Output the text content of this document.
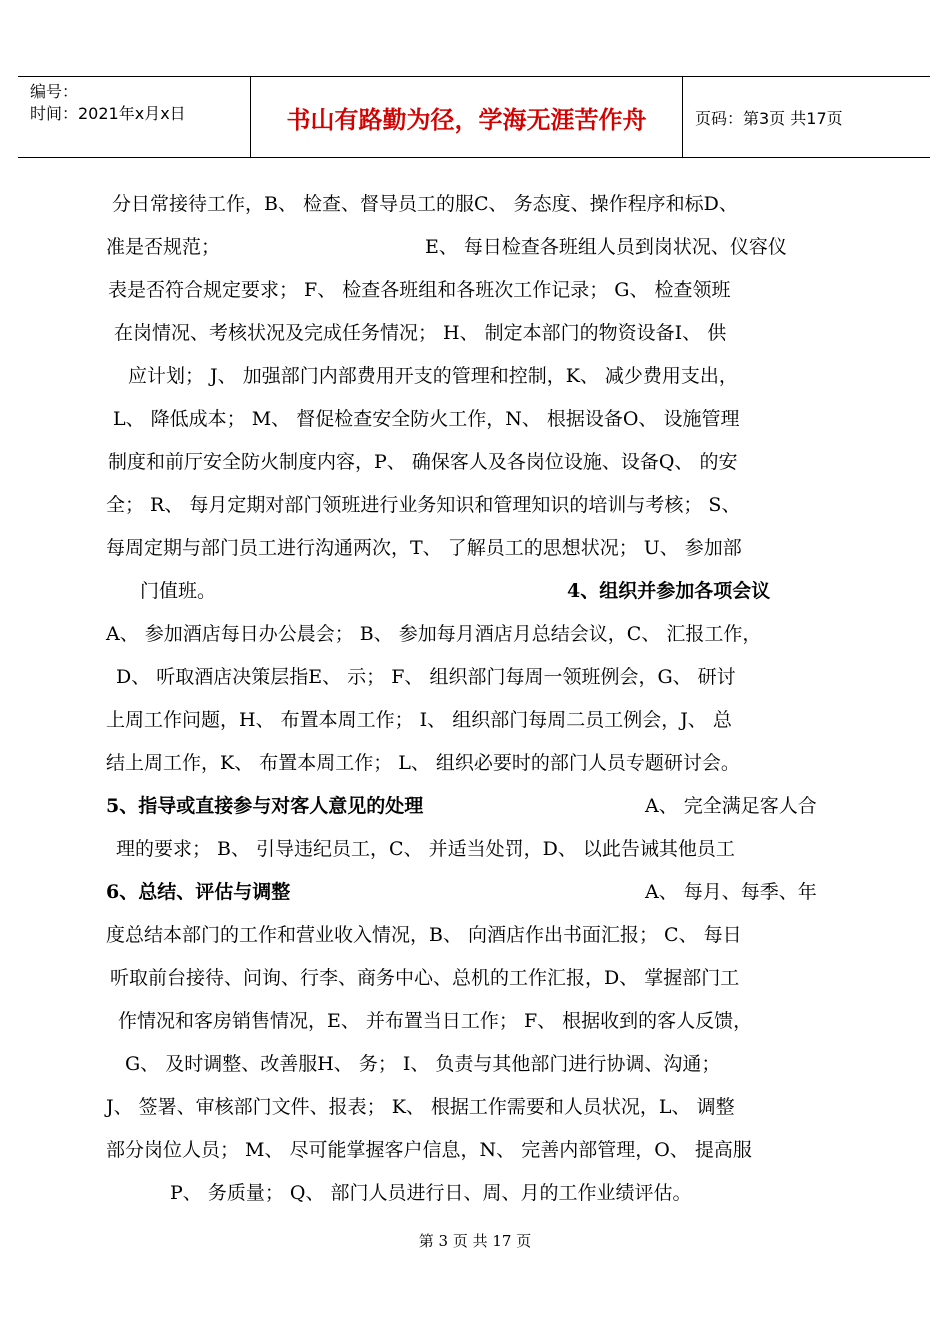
编号：
时间：2021年x月x日	书山有路勤为径，学海无涯苦作舟	页码：第3页 共17页
分日常接待工作，B、 检查、督导员工的服C、 务态度、操作程序和标D、
准是否规范；	E、 每日检查各班组人员到岗状况、仪容仪
表是否符合规定要求； F、 检查各班组和各班次工作记录； G、 检查领班
在岗情况、考核状况及完成任务情况； H、 制定本部门的物资设备I、 供
应计划； J、 加强部门内部费用开支的管理和控制，K、 减少费用支出，
L、 降低成本； M、 督促检查安全防火工作，N、 根据设备O、 设施管理
制度和前厅安全防火制度内容，P、 确保客人及各岗位设施、设备Q、 的安
全； R、 每月定期对部门领班进行业务知识和管理知识的培训与考核； S、
每周定期与部门员工进行沟通两次，T、 了解员工的思想状况； U、 参加部
门值班。	4、组织并参加各项会议
A、 参加酒店每日办公晨会； B、 参加每月酒店月总结会议，C、 汇报工作，
D、 听取酒店决策层指E、 示； F、 组织部门每周一领班例会，G、 研讨
上周工作问题，H、 布置本周工作； I、 组织部门每周二员工例会，J、 总
结上周工作，K、 布置本周工作； L、 组织必要时的部门人员专题研讨会。
5、指导或直接参与对客人意见的处理	A、 完全满足客人合
理的要求； B、 引导违纪员工，C、 并适当处罚，D、 以此告诫其他员工
6、总结、评估与调整	A、 每月、每季、年
度总结本部门的工作和营业收入情况，B、 向酒店作出书面汇报； C、 每日
听取前台接待、问询、行李、商务中心、总机的工作汇报，D、 掌握部门工
作情况和客房销售情况，E、 并布置当日工作； F、 根据收到的客人反馈，
G、 及时调整、改善服H、 务； I、 负责与其他部门进行协调、沟通；
J、 签署、审核部门文件、报表； K、 根据工作需要和人员状况，L、 调整
部分岗位人员； M、 尽可能掌握客户信息，N、 完善内部管理，O、 提高服
P、 务质量； Q、 部门人员进行日、周、月的工作业绩评估。
第 3 页 共 17 页
